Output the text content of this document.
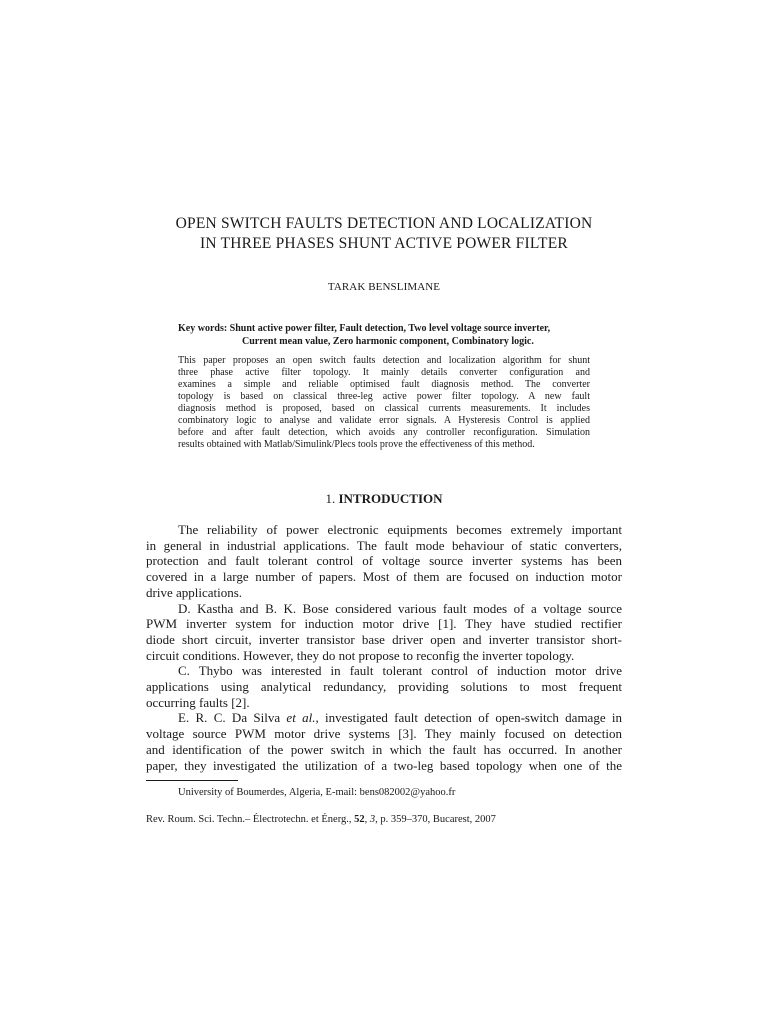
OPEN SWITCH FAULTS DETECTION AND LOCALIZATION
IN THREE PHASES SHUNT ACTIVE POWER FILTER
TARAK BENSLIMANE
Key words: Shunt active power filter, Fault detection, Two level voltage source inverter,
Current mean value, Zero harmonic component, Combinatory logic.
This paper proposes an open switch faults detection and localization algorithm for shunt
three phase active filter topology. It mainly details converter configuration and
examines a simple and reliable optimised fault diagnosis method. The converter
topology is based on classical three-leg active power filter topology. A new fault
diagnosis method is proposed, based on classical currents measurements. It includes
combinatory logic to analyse and validate error signals. A Hysteresis Control is applied
before and after fault detection, which avoids any controller reconfiguration. Simulation
results obtained with Matlab/Simulink/Plecs tools prove the effectiveness of this method.
1. INTRODUCTION
The reliability of power electronic equipments becomes extremely important
in general in industrial applications. The fault mode behaviour of static converters,
protection and fault tolerant control of voltage source inverter systems has been
covered in a large number of papers. Most of them are focused on induction motor
drive applications.
D. Kastha and B. K. Bose considered various fault modes of a voltage source
PWM inverter system for induction motor drive [1]. They have studied rectifier
diode short circuit, inverter transistor base driver open and inverter transistor short-
circuit conditions. However, they do not propose to reconfig the inverter topology.
C. Thybo was interested in fault tolerant control of induction motor drive
applications using analytical redundancy, providing solutions to most frequent
occurring faults [2].
E. R. C. Da Silva et al., investigated fault detection of open-switch damage in
voltage source PWM motor drive systems [3]. They mainly focused on detection
and identification of the power switch in which the fault has occurred. In another
paper, they investigated the utilization of a two-leg based topology when one of the
University of Boumerdes, Algeria, E-mail: bens082002@yahoo.fr
Rev. Roum. Sci. Techn.– Électrotechn. et Énerg., 52, 3, p. 359–370, Bucarest, 2007
